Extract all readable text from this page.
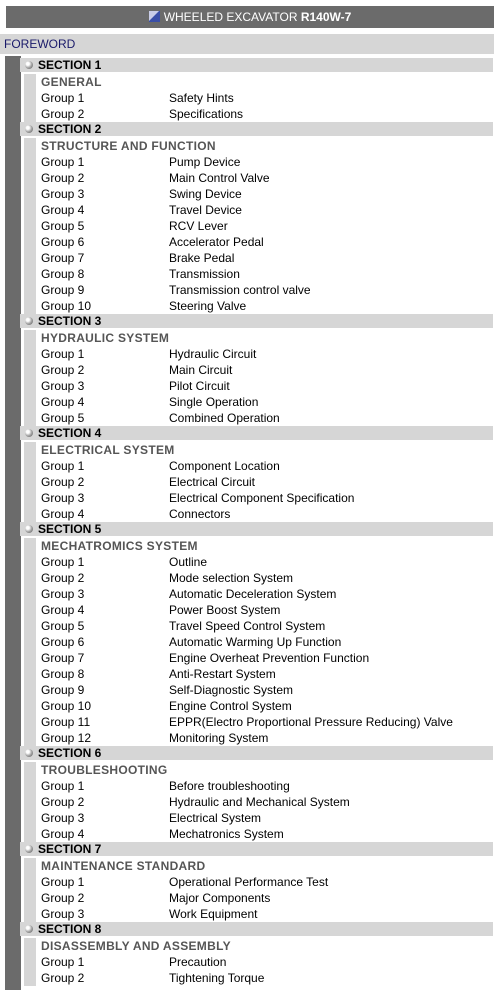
WHEELED EXCAVATOR R140W-7
FOREWORD
SECTION 1
GENERAL
Group 1	Safety Hints
Group 2	Specifications
SECTION 2
STRUCTURE AND FUNCTION
Group 1	Pump Device
Group 2	Main Control Valve
Group 3	Swing Device
Group 4	Travel Device
Group 5	RCV Lever
Group 6	Accelerator Pedal
Group 7	Brake Pedal
Group 8	Transmission
Group 9	Transmission control valve
Group 10	Steering Valve
SECTION 3
HYDRAULIC SYSTEM
Group 1	Hydraulic Circuit
Group 2	Main Circuit
Group 3	Pilot Circuit
Group 4	Single Operation
Group 5	Combined Operation
SECTION 4
ELECTRICAL SYSTEM
Group 1	Component Location
Group 2	Electrical Circuit
Group 3	Electrical Component Specification
Group 4	Connectors
SECTION 5
MECHATROMICS SYSTEM
Group 1	Outline
Group 2	Mode selection System
Group 3	Automatic Deceleration System
Group 4	Power Boost System
Group 5	Travel Speed Control System
Group 6	Automatic Warming Up Function
Group 7	Engine Overheat Prevention Function
Group 8	Anti-Restart System
Group 9	Self-Diagnostic System
Group 10	Engine Control System
Group 11	EPPR(Electro Proportional Pressure Reducing) Valve
Group 12	Monitoring System
SECTION 6
TROUBLESHOOTING
Group 1	Before troubleshooting
Group 2	Hydraulic and Mechanical System
Group 3	Electrical System
Group 4	Mechatronics System
SECTION 7
MAINTENANCE STANDARD
Group 1	Operational Performance Test
Group 2	Major Components
Group 3	Work Equipment
SECTION 8
DISASSEMBLY AND ASSEMBLY
Group 1	Precaution
Group 2	Tightening Torque
